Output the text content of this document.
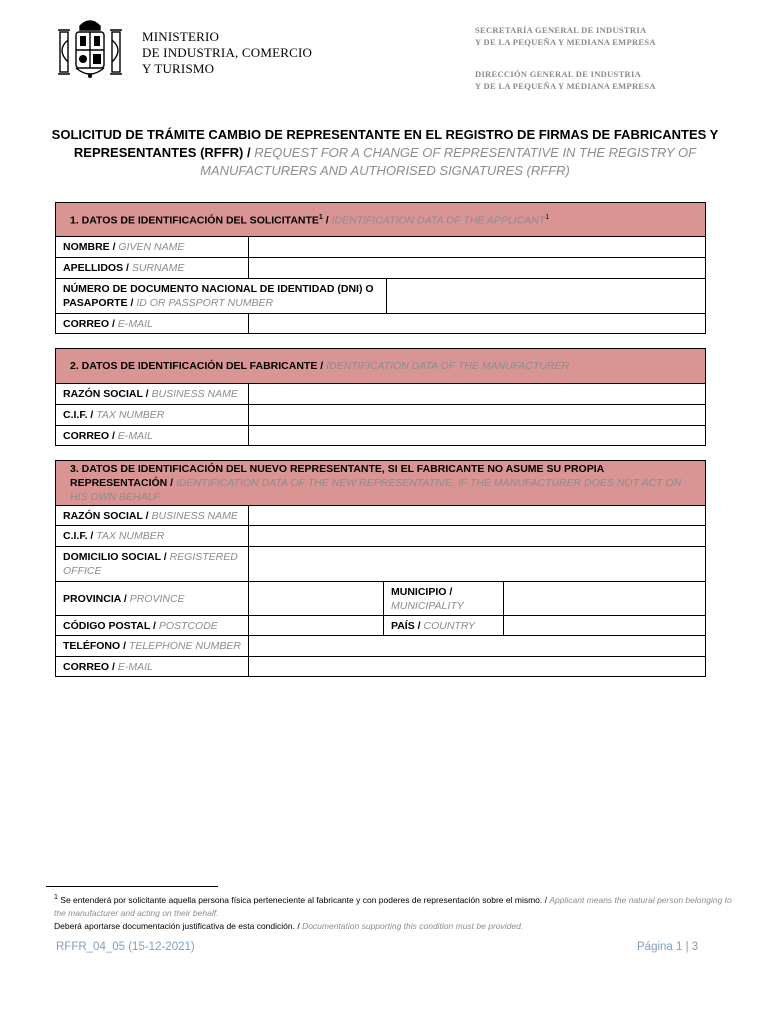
MINISTERIO
DE INDUSTRIA, COMERCIO
Y TURISMO
SECRETARÍA GENERAL DE INDUSTRIA
Y DE LA PEQUEÑA Y MEDIANA EMPRESA
DIRECCIÓN GENERAL DE INDUSTRIA
Y DE LA PEQUEÑA Y MEDIANA EMPRESA
SOLICITUD DE TRÁMITE CAMBIO DE REPRESENTANTE EN EL REGISTRO DE FIRMAS DE FABRICANTES Y REPRESENTANTES (RFFR) / REQUEST FOR A CHANGE OF REPRESENTATIVE IN THE REGISTRY OF MANUFACTURERS AND AUTHORISED SIGNATURES (RFFR)
1. DATOS DE IDENTIFICACIÓN DEL SOLICITANTE$^1$ / IDENTIFICATION DATA OF THE APPLICANT$^1$
NOMBRE / GIVEN NAME		
APELLIDOS / SURNAME		
NÚMERO DE DOCUMENTO NACIONAL DE IDENTIDAD (DNI) O PASAPORTE / ID OR PASSPORT NUMBER		
CORREO / E-MAIL		
2. DATOS DE IDENTIFICACIÓN DEL FABRICANTE / IDENTIFICATION DATA OF THE MANUFACTURER	
RAZÓN SOCIAL / BUSINESS NAME	
C.I.F. / TAX NUMBER	
CORREO / E-MAIL	
3. DATOS DE IDENTIFICACIÓN DEL NUEVO REPRESENTANTE, SI EL FABRICANTE NO ASUME SU PROPIA REPRESENTACIÓN / IDENTIFICATION DATA OF THE NEW REPRESENTATIVE, IF THE MANUFACTURER DOES NOT ACT ON HIS OWN BEHALF			
RAZÓN SOCIAL / BUSINESS NAME			
C.I.F. / TAX NUMBER			
DOMICILIO SOCIAL / REGISTERED OFFICE			
PROVINCIA / PROVINCE		MUNICIPIO /
MUNICIPALITY	
CÓDIGO POSTAL / POSTCODE		PAÍS / COUNTRY	
TELÉFONO / TELEPHONE NUMBER			
CORREO / E-MAIL			
$^1$ Se entenderá por solicitante aquella persona física perteneciente al fabricante y con poderes de representación sobre el mismo. / Applicant means the natural person belonging to the manufacturer and acting on their behalf.
Deberá aportarse documentación justificativa de esta condición. / Documentation supporting this condition must be provided.
RFFR_04_05 (15-12-2021)	Página 1 | 3
